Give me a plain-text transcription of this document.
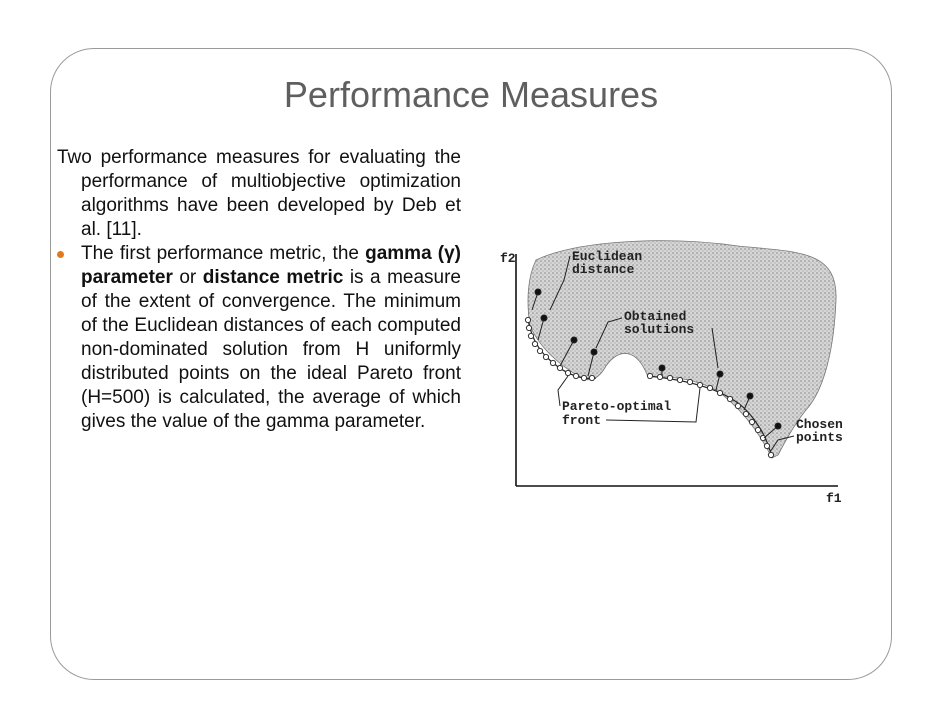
Performance Measures

Two performance measures for evaluating the performance of multiobjective optimization algorithms have been developed by Deb et al. [11].

The first performance metric, the gamma (γ) parameter or distance metric is a measure of the extent of convergence. The minimum of the Euclidean distances of each computed non-dominated solution from H uniformly distributed points on the ideal Pareto front (H=500) is calculated, the average of which gives the value of the gamma parameter.

f2
f1
Euclidean
distance
Obtained
solutions
Pareto-optimal
front	Chosen
points
